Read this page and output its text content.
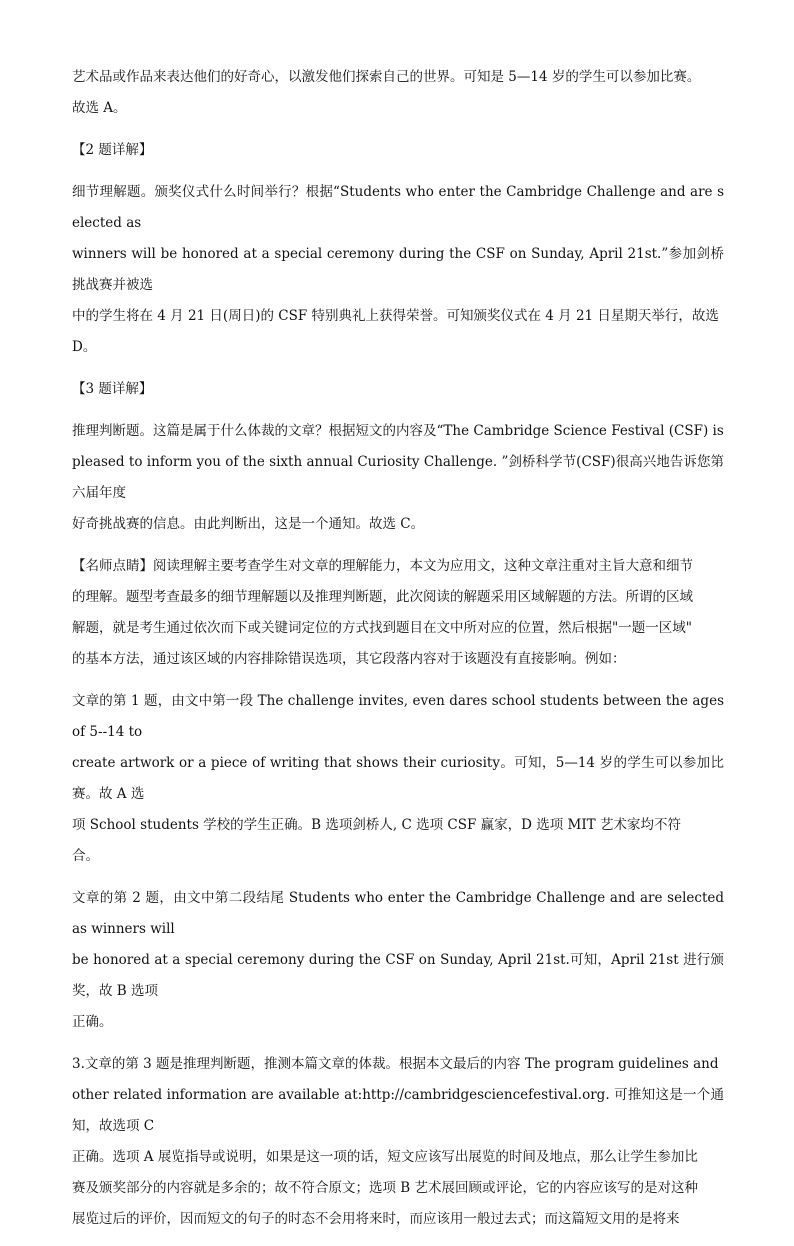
艺术品或作品来表达他们的好奇心，以激发他们探索自己的世界。可知是 5—14 岁的学生可以参加比赛。
故选 A。
【2 题详解】
细节理解题。颁奖仪式什么时间举行？根据“Students who enter the Cambridge Challenge and are selected as
winners will be honored at a special ceremony during the CSF on Sunday, April 21st.”参加剑桥挑战赛并被选
中的学生将在 4 月 21 日(周日)的 CSF 特别典礼上获得荣誉。可知颁奖仪式在 4 月 21 日星期天举行，故选
D。
【3 题详解】
推理判断题。这篇是属于什么体裁的文章？根据短文的内容及“The Cambridge Science Festival (CSF) is
pleased to inform you of the sixth annual Curiosity Challenge. ”剑桥科学节(CSF)很高兴地告诉您第六届年度
好奇挑战赛的信息。由此判断出，这是一个通知。故选 C。
【名师点睛】阅读理解主要考查学生对文章的理解能力，本文为应用文，这种文章注重对主旨大意和细节
的理解。题型考查最多的细节理解题以及推理判断题，此次阅读的解题采用区域解题的方法。所谓的区域
解题，就是考生通过依次而下或关键词定位的方式找到题目在文中所对应的位置，然后根据"一题一区域"
的基本方法，通过该区域的内容排除错误选项，其它段落内容对于该题没有直接影响。例如：
文章的第 1 题，由文中第一段 The challenge invites, even dares school students between the ages of 5--14 to
create artwork or a piece of writing that shows their curiosity。可知，5—14 岁的学生可以参加比赛。故 A 选
项 School students 学校的学生正确。B 选项剑桥人, C 选项 CSF 赢家，D 选项 MIT 艺术家均不符
合。
文章的第 2 题，由文中第二段结尾 Students who enter the Cambridge Challenge and are selected as winners will
be honored at a special ceremony during the CSF on Sunday, April 21st.可知，April 21st 进行颁奖，故 B 选项
正确。
3.文章的第 3 题是推理判断题，推测本篇文章的体裁。根据本文最后的内容 The program guidelines and
other related information are available at:http://cambridgesciencefestival.org. 可推知这是一个通知，故选项 C
正确。选项 A 展览指导或说明，如果是这一项的话，短文应该写出展览的时间及地点，那么让学生参加比
赛及颁奖部分的内容就是多余的；故不符合原文；选项 B 艺术展回顾或评论，它的内容应该写的是对这种
展览过后的评价，因而短文的句子的时态不会用将来时，而应该用一般过去式；而这篇短文用的是将来
